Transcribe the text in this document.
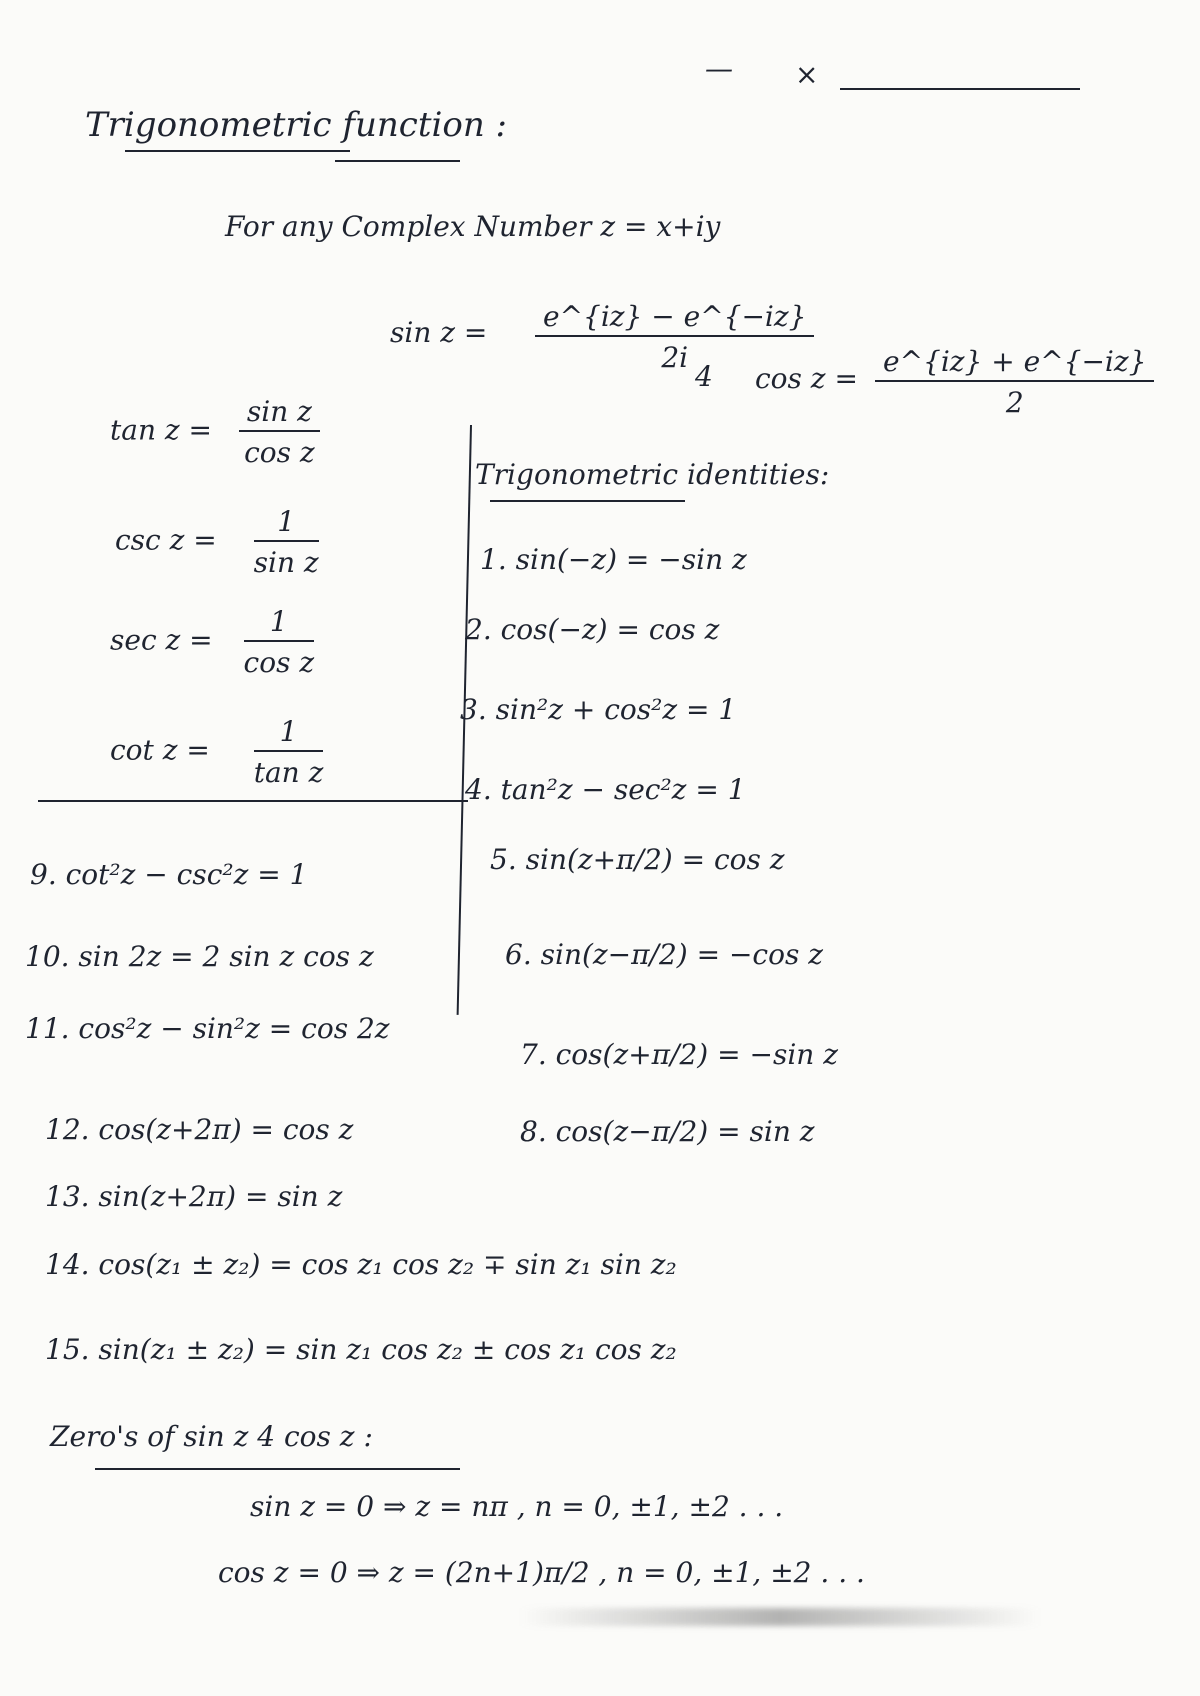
— ×
Trigonometric function :
For any Complex Number z = x+iy
$\sin z = \frac{e\^{}\{iz\} - e\^{}\{-iz\}}{2i}$
4 $\cos z = \frac{e\^{}\{iz\} + e\^{}\{-iz\}}{2}$
$\tan z = \frac{\text{sin z}}{\text{cos z}}$
$\csc z = \frac{1}{\text{sin z}}$
$\sec z = \frac{1}{\text{cos z}}$
$\cot z = \frac{1}{\text{tan z}}$
Trigonometric identities:
1. sin(−z) = −sin z
2. cos(−z) = cos z
3. sin²z + cos²z = 1
4. tan²z − sec²z = 1
5. sin(z+π/2) = cos z
6. sin(z−π/2) = −cos z
7. cos(z+π/2) = −sin z
8. cos(z−π/2) = sin z
9. cot²z − csc²z = 1
10. sin 2z = 2 sin z cos z
11. cos²z − sin²z = cos 2z
12. cos(z+2π) = cos z
13. sin(z+2π) = sin z
14. cos(z₁ ± z₂) = cos z₁ cos z₂ ∓ sin z₁ sin z₂
15. sin(z₁ ± z₂) = sin z₁ cos z₂ ± cos z₁ cos z₂
Zero's of sin z 4 cos z :
sin z = 0 ⇒ z = nπ , n = 0, ±1, ±2 . . .
cos z = 0 ⇒ z = (2n+1)π/2 , n = 0, ±1, ±2 . . .
